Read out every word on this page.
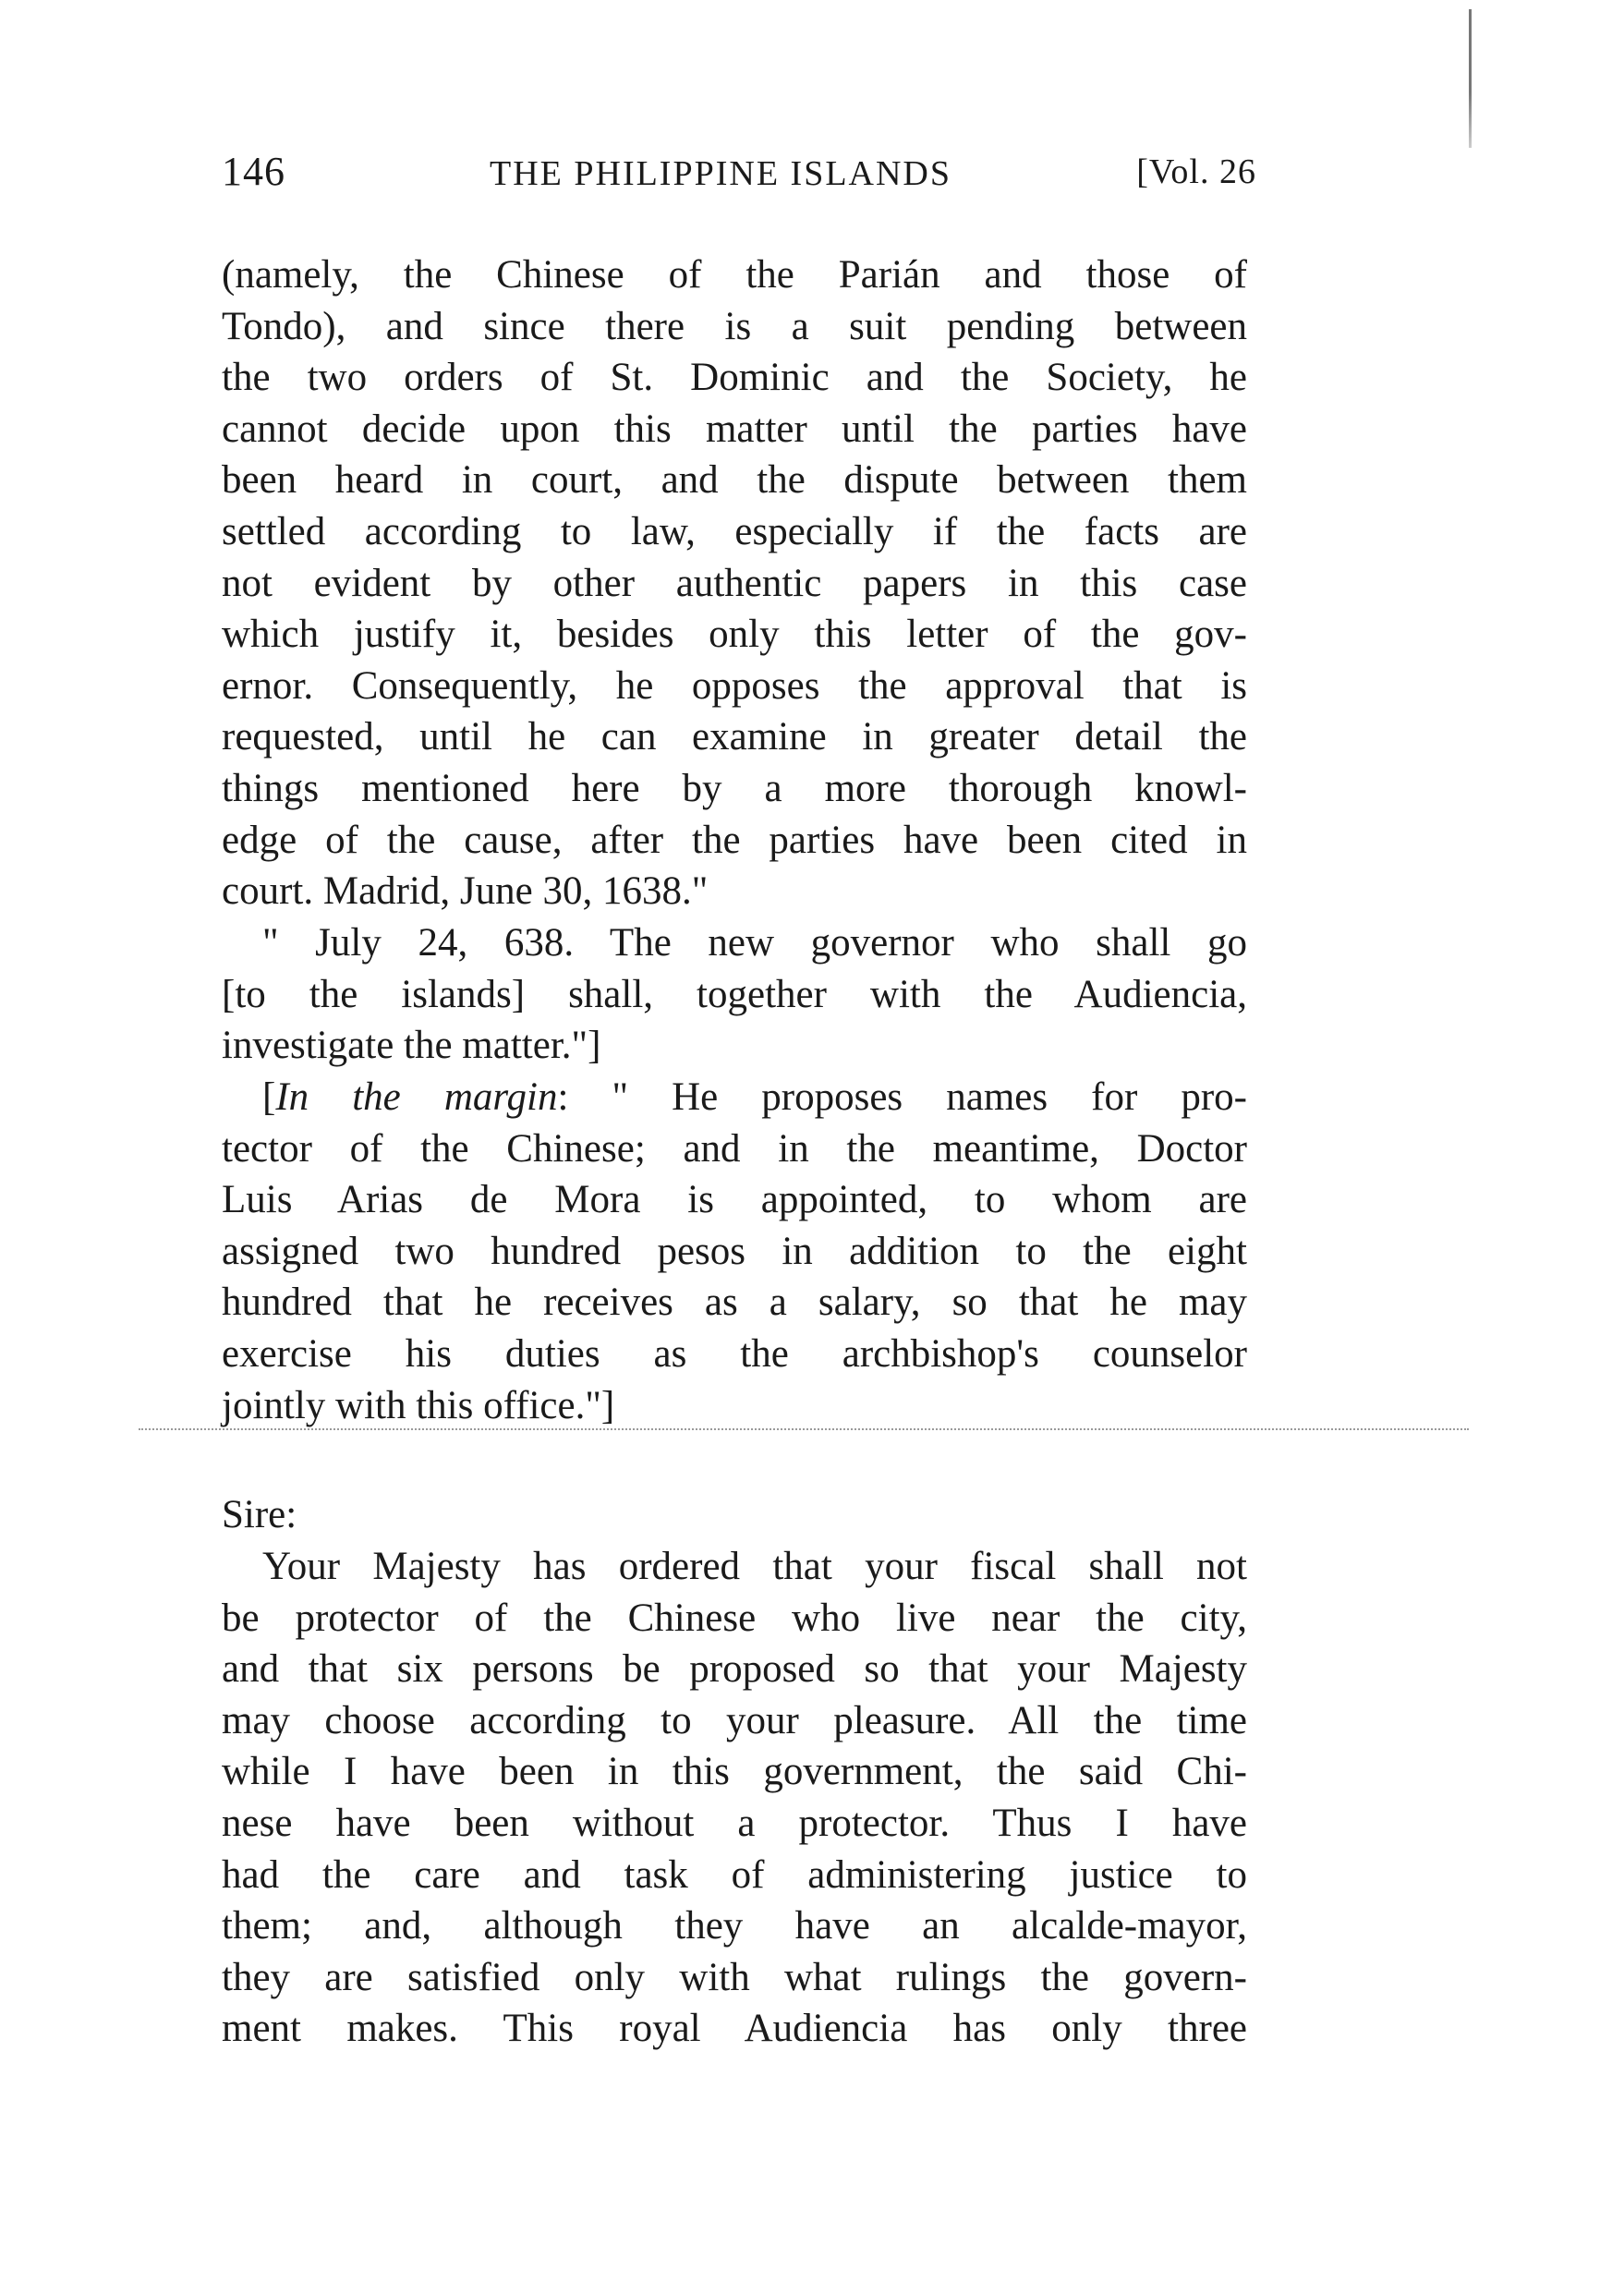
146	THE PHILIPPINE ISLANDS	[Vol. 26
(namely, the Chinese of the Parián and those of
Tondo), and since there is a suit pending between
the two orders of St. Dominic and the Society, he
cannot decide upon this matter until the parties have
been heard in court, and the dispute between them
settled according to law, especially if the facts are
not evident by other authentic papers in this case
which justify it, besides only this letter of the gov-
ernor. Consequently, he opposes the approval that is
requested, until he can examine in greater detail the
things mentioned here by a more thorough knowl-
edge of the cause, after the parties have been cited in
court. Madrid, June 30, 1638."
" July 24, 638. The new governor who shall go
[to the islands] shall, together with the Audiencia,
investigate the matter."]
[In the margin: " He proposes names for pro-
tector of the Chinese; and in the meantime, Doctor
Luis Arias de Mora is appointed, to whom are
assigned two hundred pesos in addition to the eight
hundred that he receives as a salary, so that he may
exercise his duties as the archbishop's counselor
jointly with this office."]
Sire:
Your Majesty has ordered that your fiscal shall not
be protector of the Chinese who live near the city,
and that six persons be proposed so that your Majesty
may choose according to your pleasure. All the time
while I have been in this government, the said Chi-
nese have been without a protector. Thus I have
had the care and task of administering justice to
them; and, although they have an alcalde-mayor,
they are satisfied only with what rulings the govern-
ment makes. This royal Audiencia has only three
